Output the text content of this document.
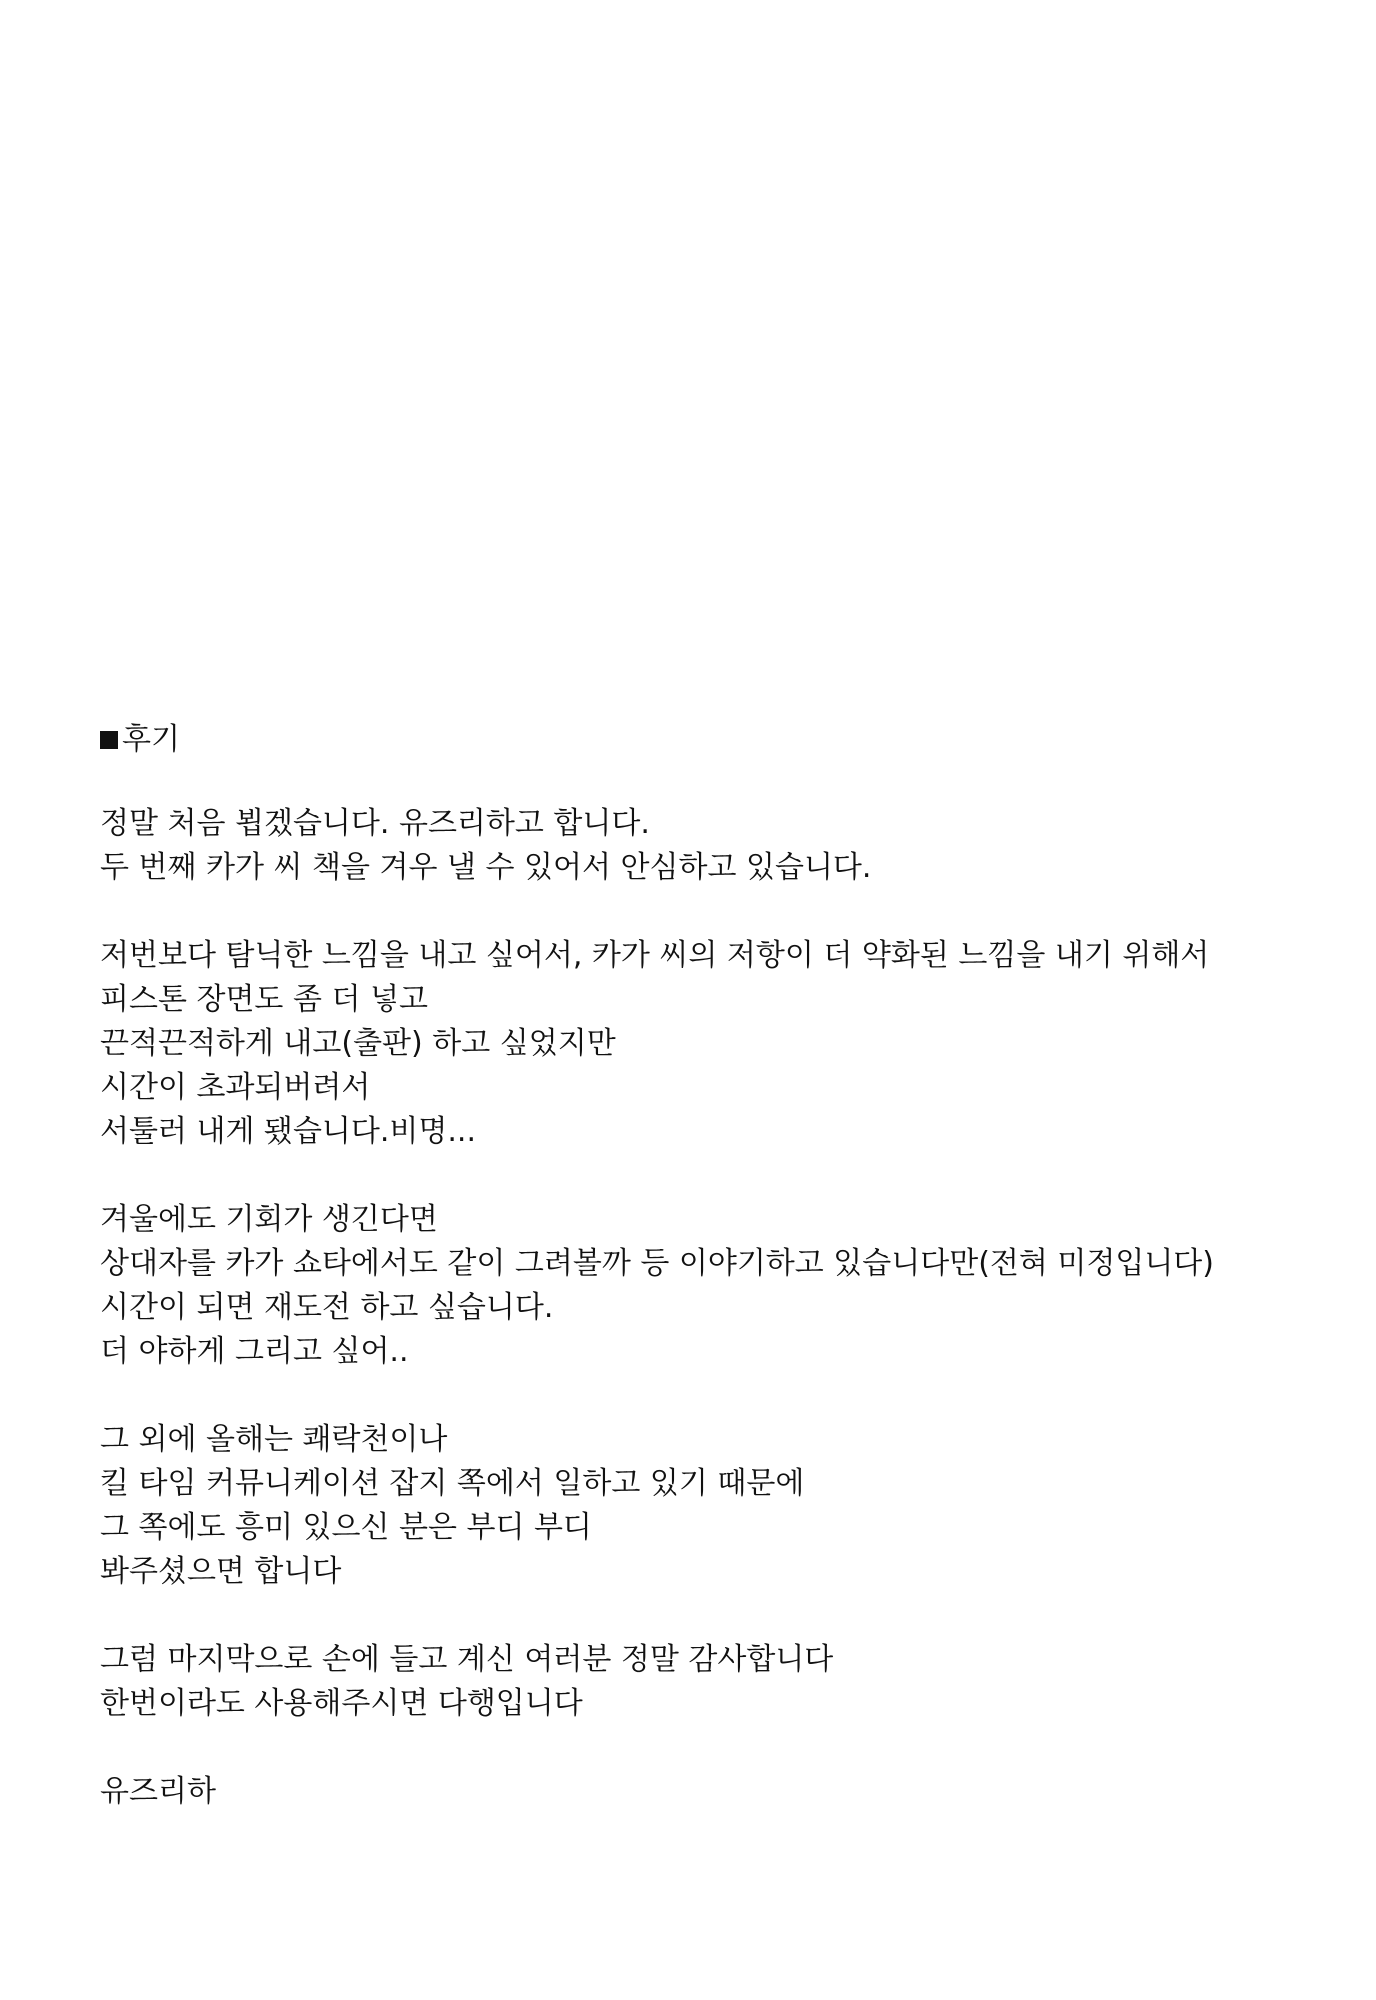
후기
정말 처음 뵙겠습니다. 유즈리하고 합니다.
두 번째 카가 씨 책을 겨우 낼 수 있어서 안심하고 있습니다.
저번보다 탐닉한 느낌을 내고 싶어서, 카가 씨의 저항이 더 약화된 느낌을 내기 위해서
피스톤 장면도 좀 더 넣고
끈적끈적하게 내고(출판) 하고 싶었지만
시간이 초과되버려서
서툴러 내게 됐습니다.비명...
겨울에도 기회가 생긴다면
상대자를 카가 쇼타에서도 같이 그려볼까 등 이야기하고 있습니다만(전혀 미정입니다)
시간이 되면 재도전 하고 싶습니다.
더 야하게 그리고 싶어..
그 외에 올해는 쾌락천이나
킬 타임 커뮤니케이션 잡지 쪽에서 일하고 있기 때문에
그 쪽에도 흥미 있으신 분은 부디 부디
봐주셨으면 합니다
그럼 마지막으로 손에 들고 계신 여러분 정말 감사합니다
한번이라도 사용해주시면 다행입니다
유즈리하
